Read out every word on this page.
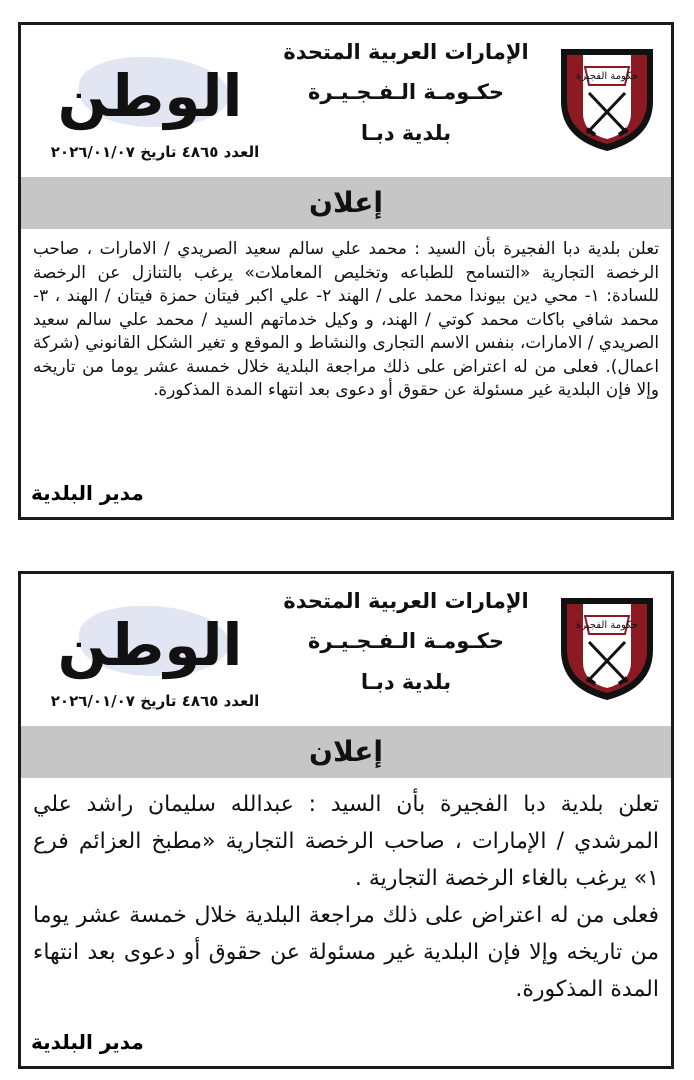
حكومة الفجيرة
الإمارات العربية المتحدة
حكـومـة الـفـجـيـرة
بلدية دبـا
الوطن
العدد ٤٨٦٥ تاريخ ٢٠٢٦/٠١/٠٧
إعلان

تعلن بلدية دبا الفجيرة بأن السيد : محمد علي سالم سعيد الصريدي / الامارات ، صاحب الرخصة التجارية «التسامح للطباعه وتخليص المعاملات» يرغب بالتنازل عن الرخصة للسادة: ١- محي دين بيوندا محمد على / الهند ٢- علي اكبر فيتان حمزة فيتان / الهند ، ٣- محمد شافي باكات محمد كوتي / الهند، و وكيل خدماتهم السيد / محمد علي سالم سعيد الصريدي / الامارات، بنفس الاسم التجارى والنشاط و الموقع و تغير الشكل القانوني (شركة اعمال). فعلى من له اعتراض على ذلك مراجعة البلدية خلال خمسة عشر يوما من تاريخه وإلا فإن البلدية غير مسئولة عن حقوق أو دعوى بعد انتهاء المدة المذكورة.

مدير البلدية
حكومة الفجيرة
الإمارات العربية المتحدة
حكـومـة الـفـجـيـرة
بلدية دبـا
الوطن
العدد ٤٨٦٥ تاريخ ٢٠٢٦/٠١/٠٧
إعلان

تعلن بلدية دبا الفجيرة بأن السيد : عبدالله سليمان راشد علي المرشدي / الإمارات ، صاحب الرخصة التجارية «مطبخ العزائم فرع ١» يرغب بالغاء الرخصة التجارية .

فعلى من له اعتراض على ذلك مراجعة البلدية خلال خمسة عشر يوما من تاريخه وإلا فإن البلدية غير مسئولة عن حقوق أو دعوى بعد انتهاء المدة المذكورة.

مدير البلدية
